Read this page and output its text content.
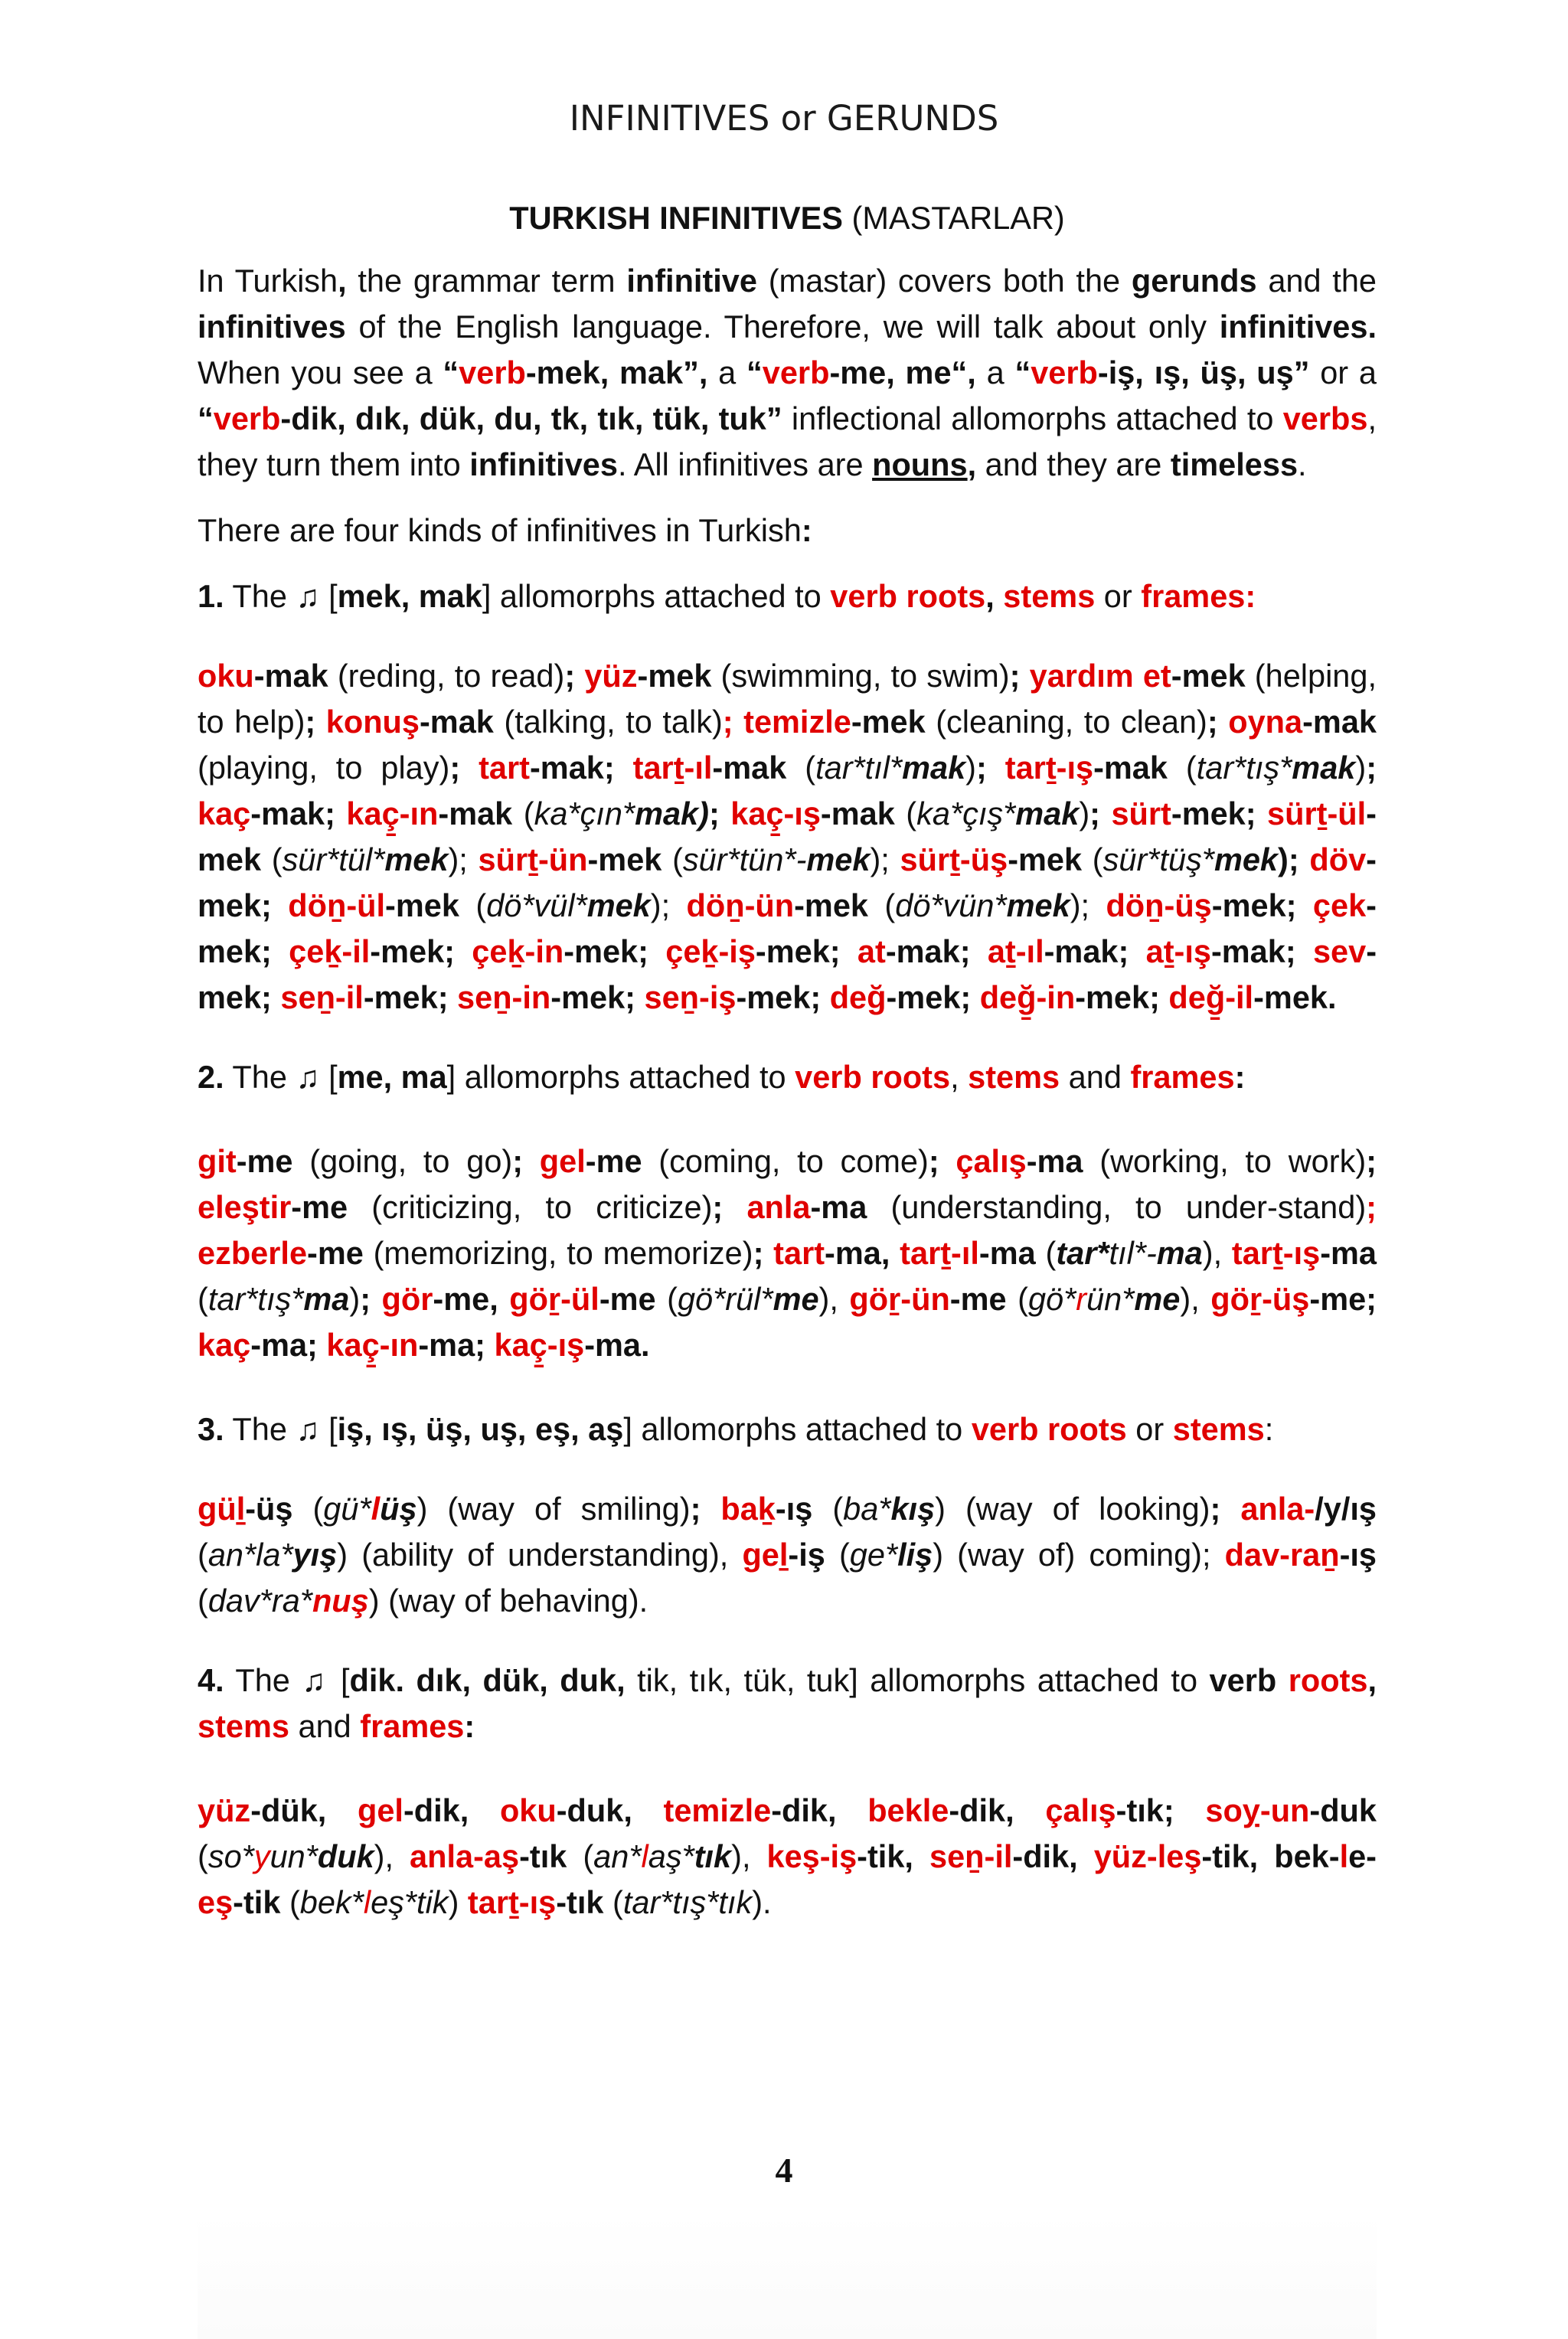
INFINITIVES or GERUNDS
TURKISH INFINITIVES (MASTARLAR)

In Turkish, the grammar term infinitive (mastar) covers both the gerunds and the infinitives of the English language. Therefore, we will talk about only infinitives. When you see a “verb-mek, mak”, a “verb-me, me“, a “verb-iş, ış, üş, uş” or a “verb-dik, dık, dük, du, tk, tık, tük, tuk” inflectional allomorphs attached to verbs, they turn them into infinitives. All infinitives are nouns, and they are timeless.

There are four kinds of infinitives in Turkish:

1. The ♫ [mek, mak] allomorphs attached to verb roots, stems or frames:

oku-mak (reding, to read); yüz-mek (swimming, to swim); yardım et-mek (helping, to help); konuş-mak (talking, to talk); temizle-mek (cleaning, to clean); oyna-mak (playing, to play); tart-mak; tarṯ-ıl-mak (tar*tıl*mak); tarṯ-ış-mak (tar*tış*mak); kaç-mak; kaç̱-ın-mak (ka*çın*mak); kaç̱-ış-mak (ka*çış*mak); sürt-mek; sürṯ-ül-mek (sür*tül*mek); sürṯ-ün-mek (sür*tün*-mek); sürṯ-üş-mek (sür*tüş*mek); döv-mek; döṉ-ül-mek (dö*vül*mek); döṉ-ün-mek (dö*vün*mek); döṉ-üş-mek; çek-mek; çeḵ-il-mek; çeḵ-in-mek; çeḵ-iş-mek; at-mak; aṯ-ıl-mak; aṯ-ış-mak; sev-mek; seṉ-il-mek; seṉ-in-mek; seṉ-iş-mek; değ-mek; değ̱-in-mek; değ̱-il-mek.

2. The ♫ [me, ma] allomorphs attached to verb roots, stems and frames:

git-me (going, to go); gel-me (coming, to come); çalış-ma (working, to work); eleştir-me (criticizing, to criticize); anla-ma (understanding, to under-stand); ezberle-me (memorizing, to memorize); tart-ma, tarṯ-ıl-ma (tar*tıl*-ma), tarṯ-ış-ma (tar*tış*ma); gör-me, göṟ-ül-me (gö*rül*me), göṟ-ün-me (gö*rün*me), göṟ-üş-me; kaç-ma; kaç̱-ın-ma; kaç̱-ış-ma.

3. The ♫ [iş, ış, üş, uş, eş, aş] allomorphs attached to verb roots or stems:

güḻ-üş (gü*lüş) (way of smiling); baḵ-ış (ba*kış) (way of looking); anla-/y/ış (an*la*yış) (ability of understanding), geḻ-iş (ge*liş) (way of) coming); dav-raṉ-ış (dav*ra*nuş) (way of behaving).

4. The ♫ [dik. dık, dük, duk, tik, tık, tük, tuk] allomorphs attached to verb roots, stems and frames:

yüz-dük, gel-dik, oku-duk, temizle-dik, bekle-dik, çalış-tık; soỵ-un-duk (so*yun*duk), anla-aş-tık (an*laş*tık), keş-iş-tik, seṉ-il-dik, yüz-leş-tik, bek-le-eş-tik (bek*leş*tik) tarṯ-ış-tık (tar*tış*tık).

4
